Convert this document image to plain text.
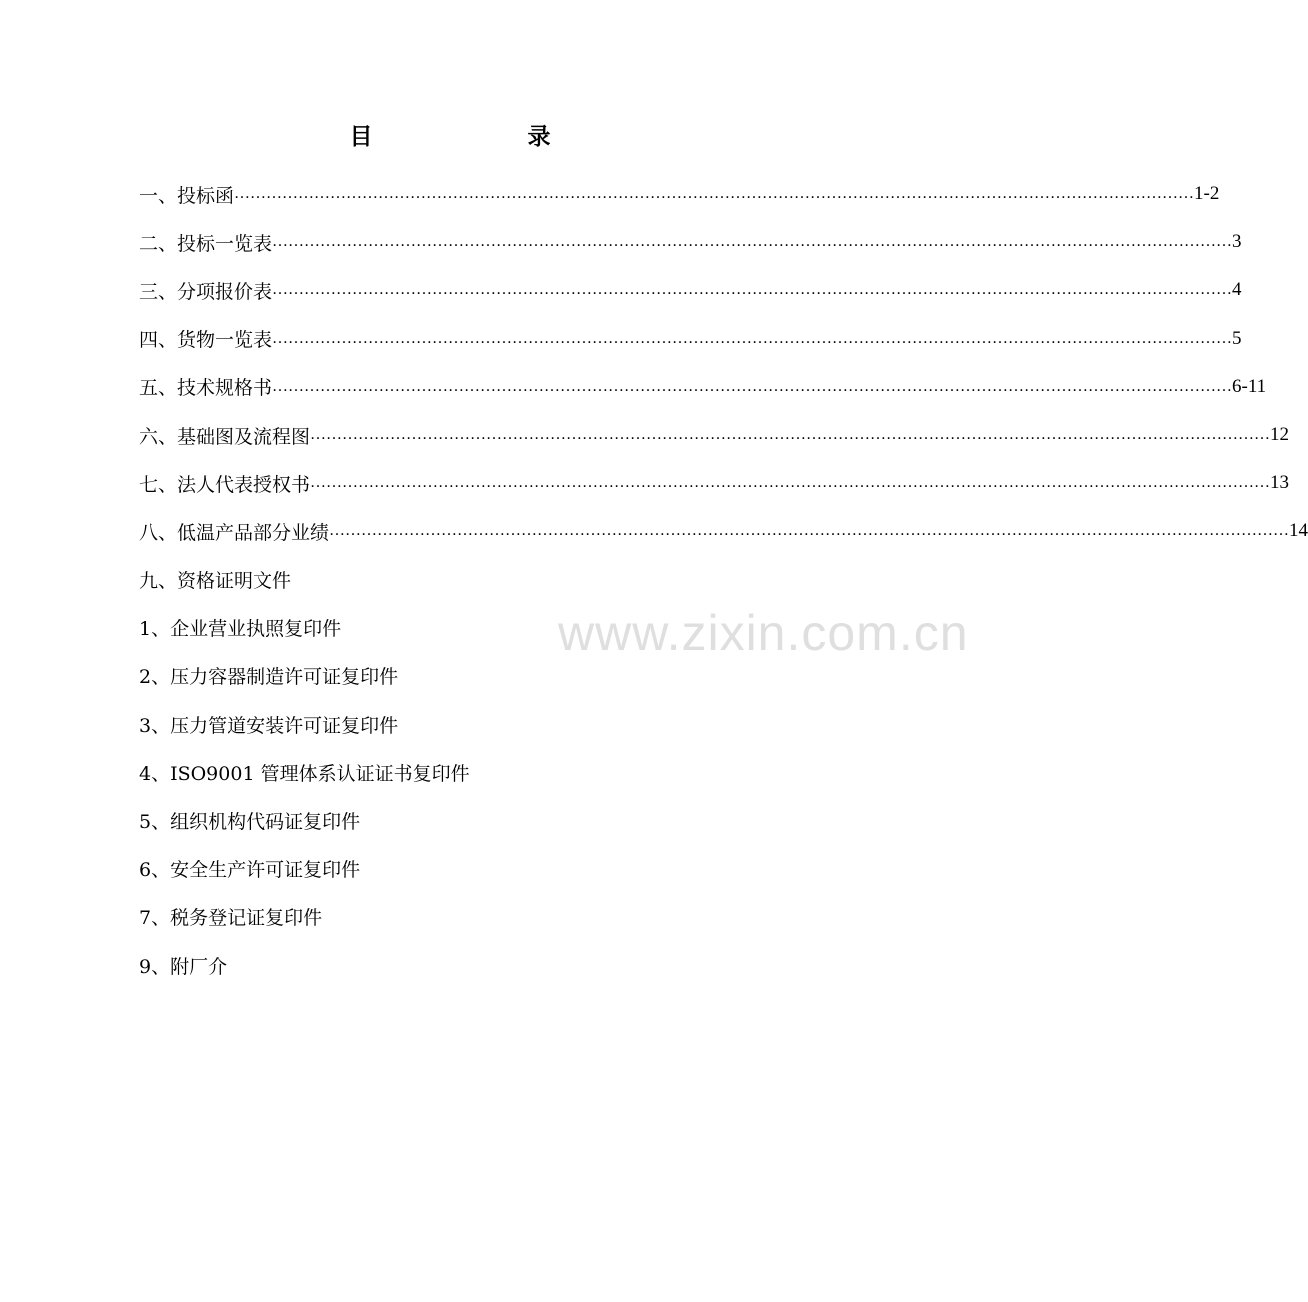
目　录
一、投标函 ……………………………………………………………………………………………………………………………………………………………… 1-2
二、投标一览表 ……………………………………………………………………………………………………………………………………………………………… 3
三、分项报价表 ……………………………………………………………………………………………………………………………………………………………… 4
四、货物一览表 ……………………………………………………………………………………………………………………………………………………………… 5
五、技术规格书 ……………………………………………………………………………………………………………………………………………………………… 6-11
六、基础图及流程图 ……………………………………………………………………………………………………………………………………………………………… 12
七、法人代表授权书 ……………………………………………………………………………………………………………………………………………………………… 13
八、低温产品部分业绩 ……………………………………………………………………………………………………………………………………………………………… 14
九、资格证明文件
1、企业营业执照复印件
2、压力容器制造许可证复印件
3、压力管道安装许可证复印件
4、ISO9001 管理体系认证证书复印件
5、组织机构代码证复印件
6、安全生产许可证复印件
7、税务登记证复印件
9、附厂介
www.zixin.com.cn
